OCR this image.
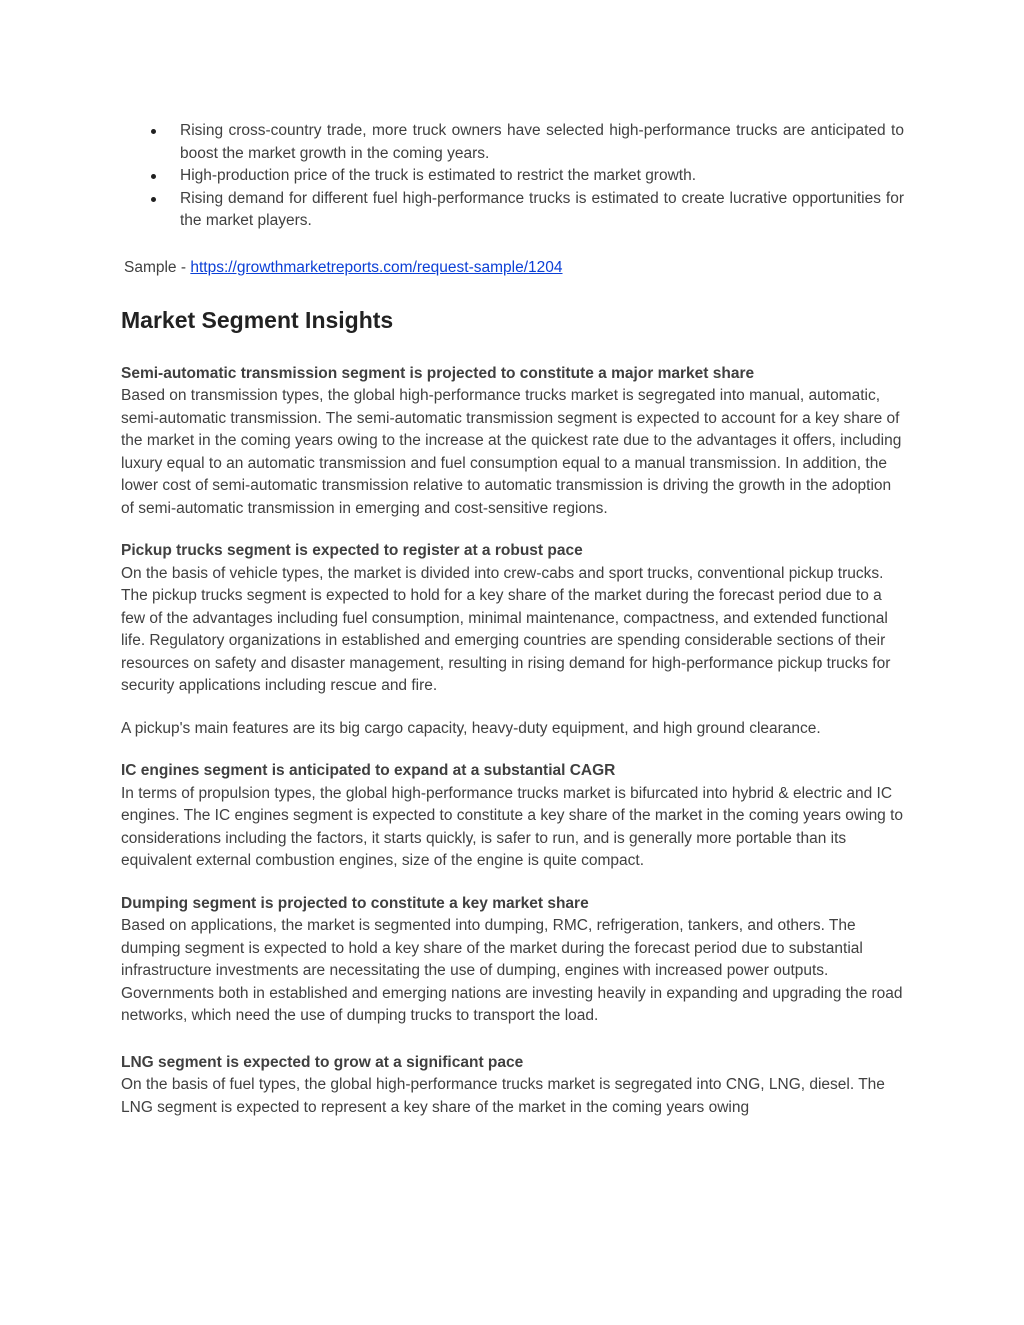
Rising cross-country trade, more truck owners have selected high-performance trucks are anticipated to boost the market growth in the coming years.
High-production price of the truck is estimated to restrict the market growth.
Rising demand for different fuel high-performance trucks is estimated to create lucrative opportunities for the market players.
Sample - https://growthmarketreports.com/request-sample/1204
Market Segment Insights
Semi-automatic transmission segment is projected to constitute a major market share

Based on transmission types, the global high-performance trucks market is segregated into manual, automatic, semi-automatic transmission. The semi-automatic transmission segment is expected to account for a key share of the market in the coming years owing to the increase at the quickest rate due to the advantages it offers, including luxury equal to an automatic transmission and fuel consumption equal to a manual transmission. In addition, the lower cost of semi-automatic transmission relative to automatic transmission is driving the growth in the adoption of semi-automatic transmission in emerging and cost-sensitive regions.

Pickup trucks segment is expected to register at a robust pace

On the basis of vehicle types, the market is divided into crew-cabs and sport trucks, conventional pickup trucks. The pickup trucks segment is expected to hold for a key share of the market during the forecast period due to a few of the advantages including fuel consumption, minimal maintenance, compactness, and extended functional life. Regulatory organizations in established and emerging countries are spending considerable sections of their resources on safety and disaster management, resulting in rising demand for high-performance pickup trucks for security applications including rescue and fire.

A pickup's main features are its big cargo capacity, heavy-duty equipment, and high ground clearance.
IC engines segment is anticipated to expand at a substantial CAGR

In terms of propulsion types, the global high-performance trucks market is bifurcated into hybrid & electric and IC engines. The IC engines segment is expected to constitute a key share of the market in the coming years owing to considerations including the factors, it starts quickly, is safer to run, and is generally more portable than its equivalent external combustion engines, size of the engine is quite compact.

Dumping segment is projected to constitute a key market share

Based on applications, the market is segmented into dumping, RMC, refrigeration, tankers, and others. The dumping segment is expected to hold a key share of the market during the forecast period due to substantial infrastructure investments are necessitating the use of dumping, engines with increased power outputs. Governments both in established and emerging nations are investing heavily in expanding and upgrading the road networks, which need the use of dumping trucks to transport the load.

LNG segment is expected to grow at a significant pace

On the basis of fuel types, the global high-performance trucks market is segregated into CNG, LNG, diesel. The LNG segment is expected to represent a key share of the market in the coming years owing
